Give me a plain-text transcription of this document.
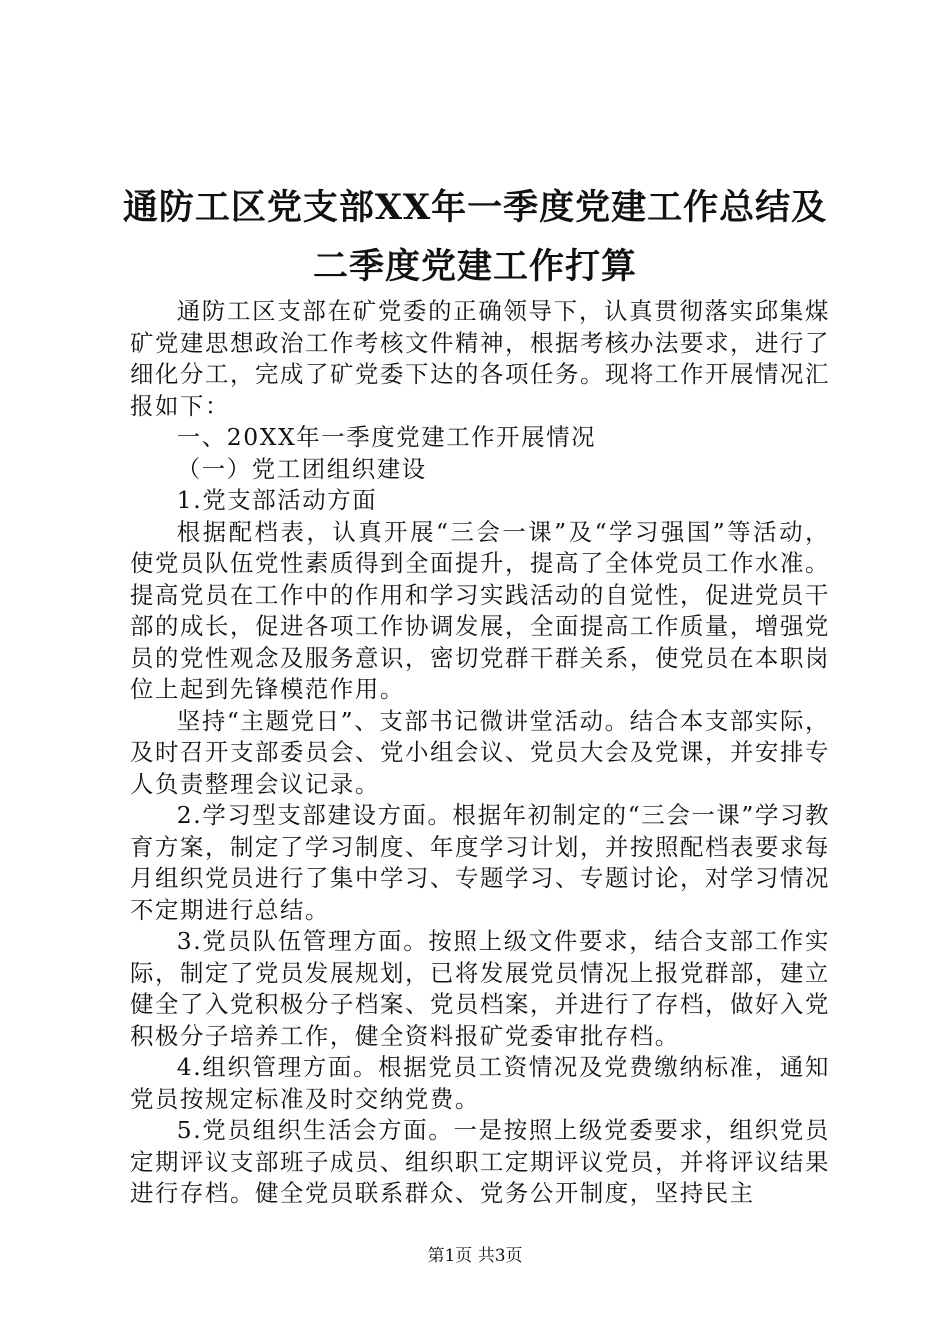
通防工区党支部XX年一季度党建工作总结及
二季度党建工作打算

通防工区支部在矿党委的正确领导下，认真贯彻落实邱集煤矿党建思想政治工作考核文件精神，根据考核办法要求，进行了细化分工，完成了矿党委下达的各项任务。现将工作开展情况汇报如下：

一、20XX年一季度党建工作开展情况

（一）党工团组织建设

1.党支部活动方面

根据配档表，认真开展“三会一课”及“学习强国”等活动，使党员队伍党性素质得到全面提升，提高了全体党员工作水准。提高党员在工作中的作用和学习实践活动的自觉性，促进党员干部的成长，促进各项工作协调发展，全面提高工作质量，增强党员的党性观念及服务意识，密切党群干群关系，使党员在本职岗位上起到先锋模范作用。

坚持“主题党日”、支部书记微讲堂活动。结合本支部实际，及时召开支部委员会、党小组会议、党员大会及党课，并安排专人负责整理会议记录。

2.学习型支部建设方面。根据年初制定的“三会一课”学习教育方案，制定了学习制度、年度学习计划，并按照配档表要求每月组织党员进行了集中学习、专题学习、专题讨论，对学习情况不定期进行总结。

3.党员队伍管理方面。按照上级文件要求，结合支部工作实际，制定了党员发展规划，已将发展党员情况上报党群部，建立健全了入党积极分子档案、党员档案，并进行了存档，做好入党积极分子培养工作，健全资料报矿党委审批存档。

4.组织管理方面。根据党员工资情况及党费缴纳标准，通知党员按规定标准及时交纳党费。

5.党员组织生活会方面。一是按照上级党委要求，组织党员定期评议支部班子成员、组织职工定期评议党员，并将评议结果进行存档。健全党员联系群众、党务公开制度，坚持民主

第1页 共3页
